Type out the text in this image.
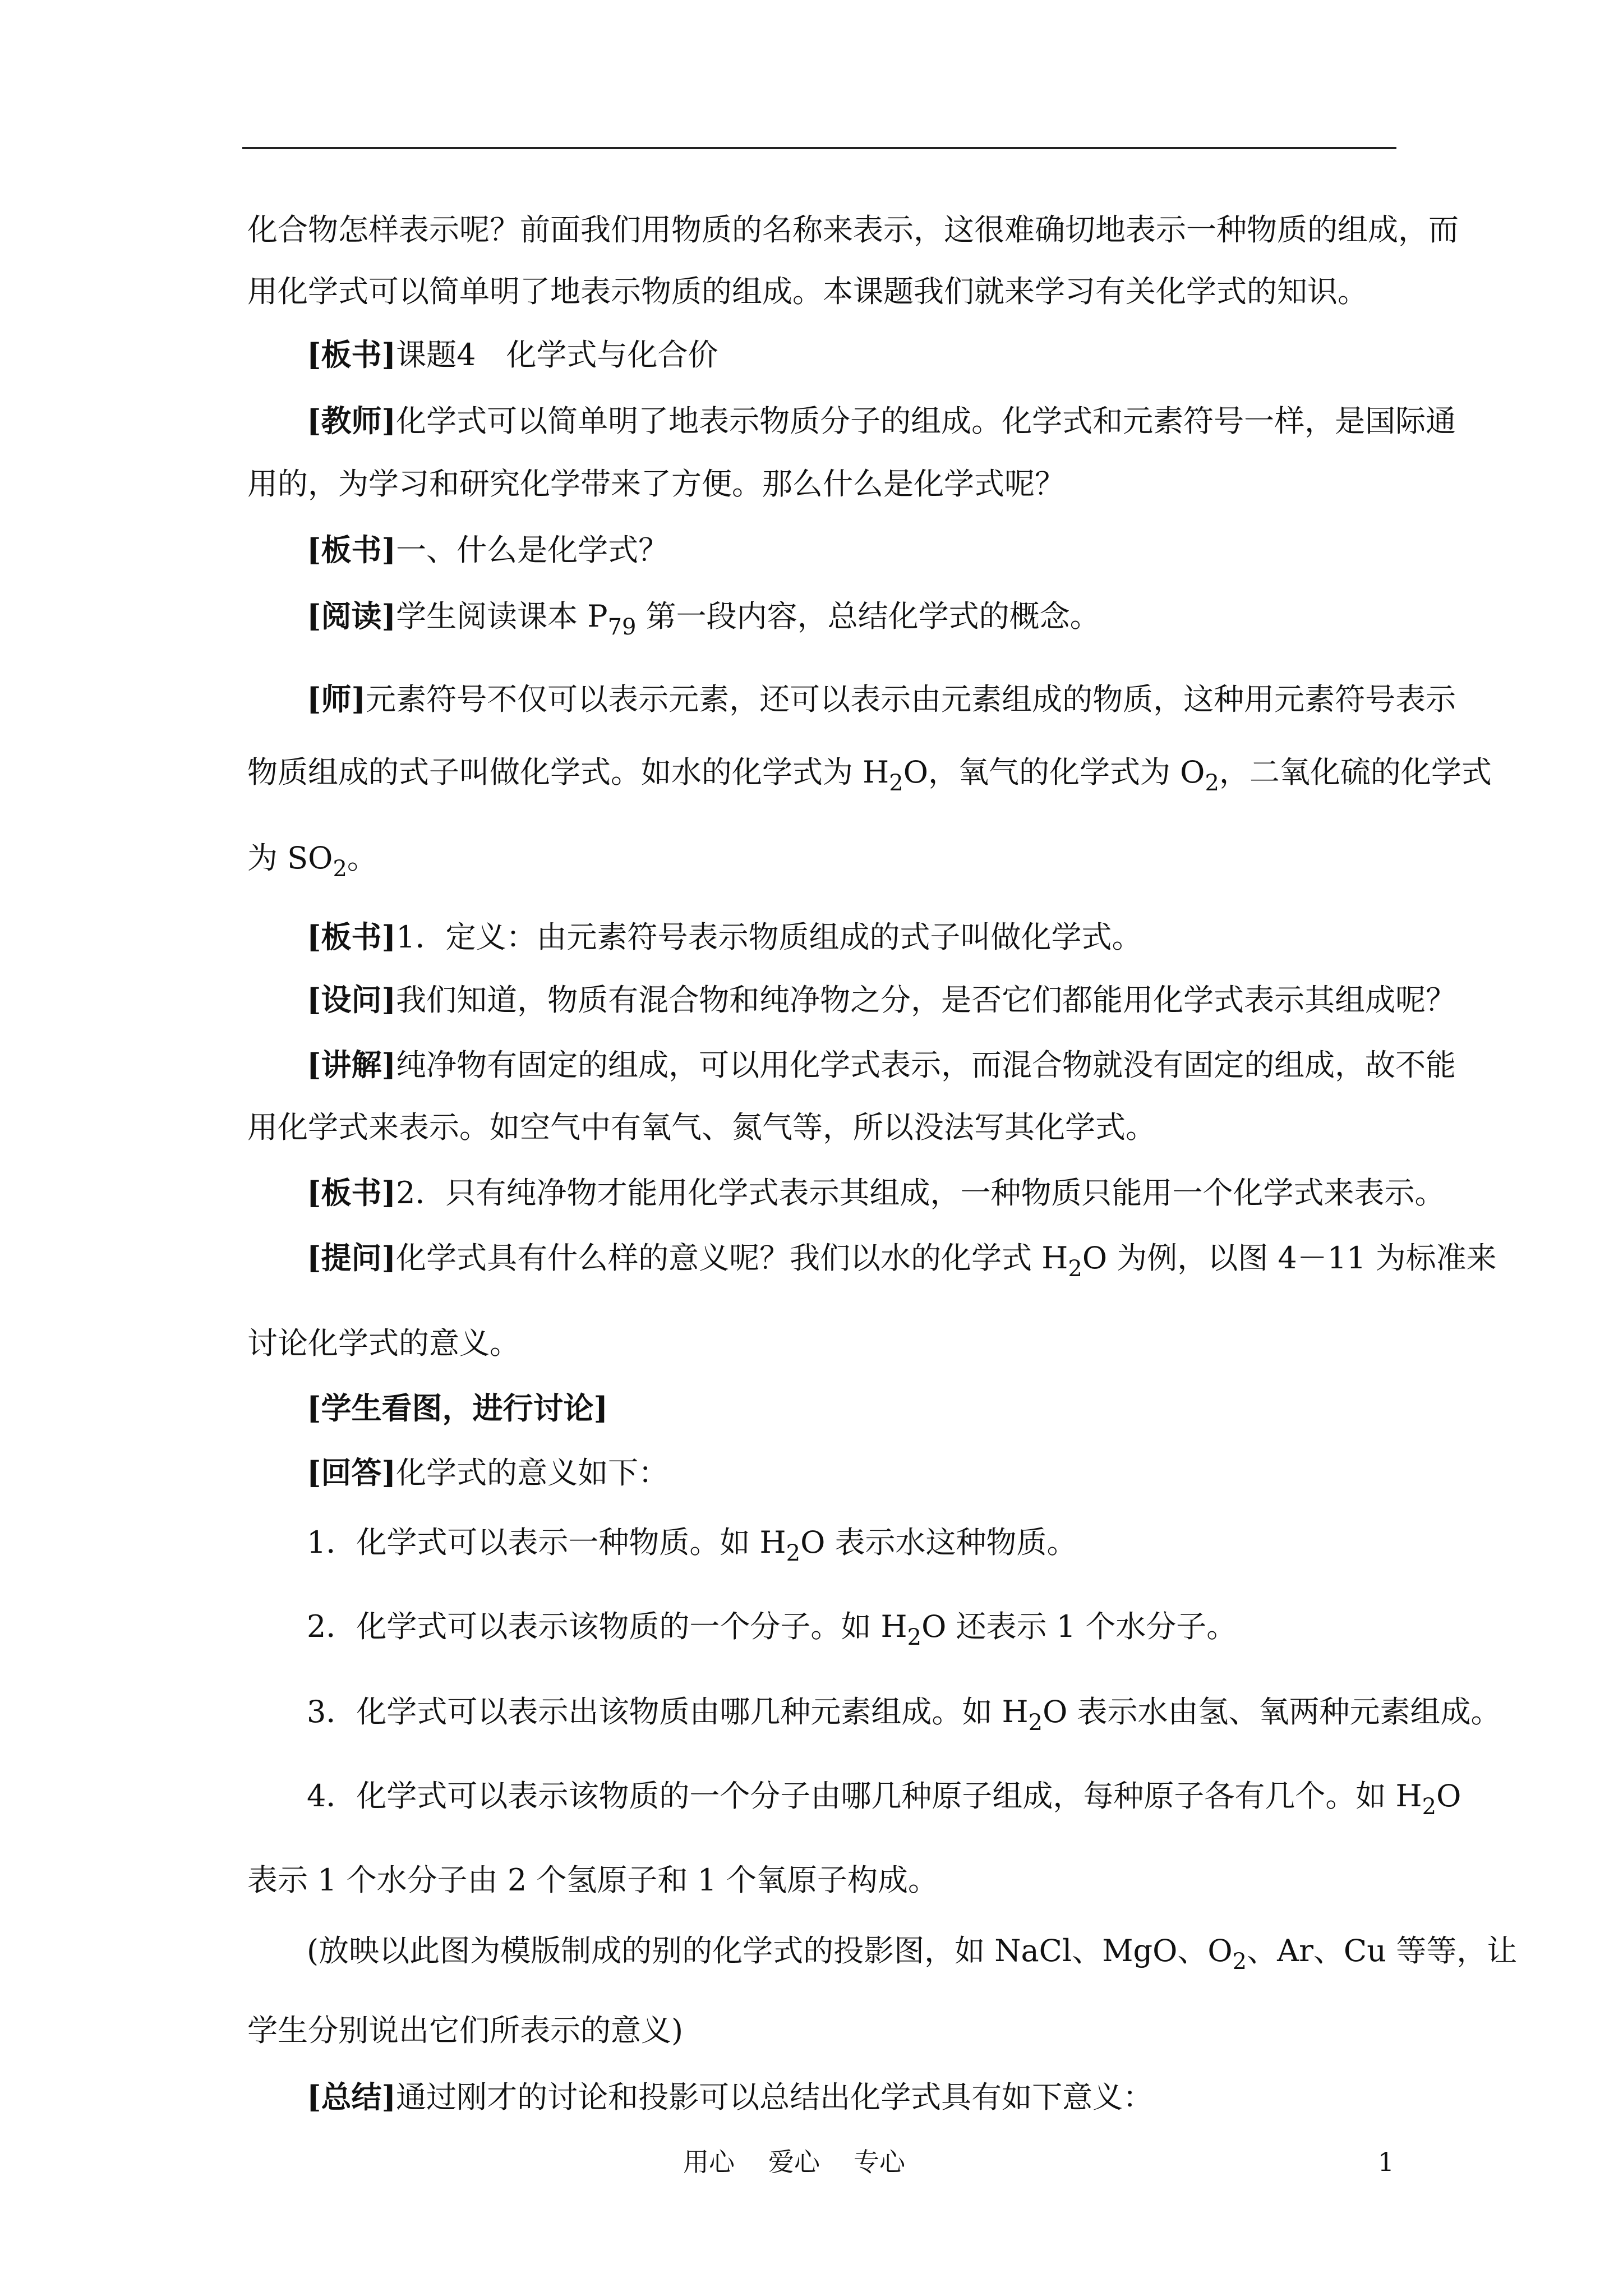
化合物怎样表示呢？前面我们用物质的名称来表示，这很难确切地表示一种物质的组成，而
用化学式可以简单明了地表示物质的组成。本课题我们就来学习有关化学式的知识。
[板书]课题4　化学式与化合价
[教师]化学式可以简单明了地表示物质分子的组成。化学式和元素符号一样，是国际通
用的，为学习和研究化学带来了方便。那么什么是化学式呢？
[板书]一、什么是化学式？
[阅读]学生阅读课本 $P_{79}$ 第一段内容，总结化学式的概念。
[师]元素符号不仅可以表示元素，还可以表示由元素组成的物质，这种用元素符号表示
物质组成的式子叫做化学式。如水的化学式为 $H_2O$，氧气的化学式为 $O_2$，二氧化硫的化学式
为 $SO_2$。
[板书]1．定义：由元素符号表示物质组成的式子叫做化学式。
[设问]我们知道，物质有混合物和纯净物之分，是否它们都能用化学式表示其组成呢？
[讲解]纯净物有固定的组成，可以用化学式表示，而混合物就没有固定的组成，故不能
用化学式来表示。如空气中有氧气、氮气等，所以没法写其化学式。
[板书]2．只有纯净物才能用化学式表示其组成，一种物质只能用一个化学式来表示。
[提问]化学式具有什么样的意义呢？我们以水的化学式 $H_2O$ 为例，以图 4－11 为标准来
讨论化学式的意义。
[学生看图，进行讨论]
[回答]化学式的意义如下：
1．化学式可以表示一种物质。如 $H_2O$ 表示水这种物质。
2．化学式可以表示该物质的一个分子。如 $H_2O$ 还表示 1 个水分子。
3．化学式可以表示出该物质由哪几种元素组成。如 $H_2O$ 表示水由氢、氧两种元素组成。
4．化学式可以表示该物质的一个分子由哪几种原子组成，每种原子各有几个。如 $H_2O$
表示 1 个水分子由 2 个氢原子和 1 个氧原子构成。
(放映以此图为模版制成的别的化学式的投影图，如 NaCl、MgO、$O_2$、Ar、Cu 等等，让
学生分别说出它们所表示的意义)
[总结]通过刚才的讨论和投影可以总结出化学式具有如下意义：
用心 爱心 专心	1
